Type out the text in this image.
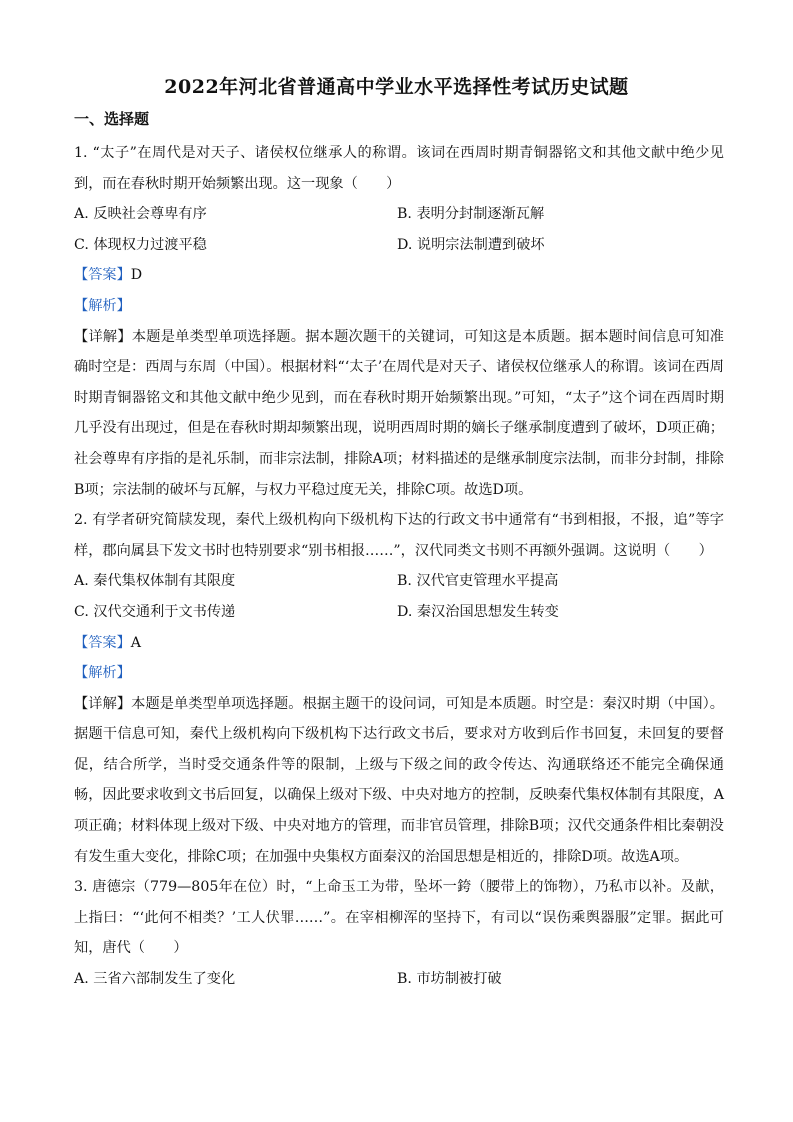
2022年河北省普通高中学业水平选择性考试历史试题
一、选择题

1. “太子”在周代是对天子、诸侯权位继承人的称谓。该词在西周时期青铜器铭文和其他文献中绝少见到，而在春秋时期开始频繁出现。这一现象（　　）

A. 反映社会尊卑有序	B. 表明分封制逐渐瓦解
C. 体现权力过渡平稳	D. 说明宗法制遭到破坏
【答案】D
【解析】

【详解】本题是单类型单项选择题。据本题次题干的关键词，可知这是本质题。据本题时间信息可知准确时空是：西周与东周（中国）。根据材料“‘太子’在周代是对天子、诸侯权位继承人的称谓。该词在西周时期青铜器铭文和其他文献中绝少见到，而在春秋时期开始频繁出现。”可知，“太子”这个词在西周时期几乎没有出现过，但是在春秋时期却频繁出现，说明西周时期的嫡长子继承制度遭到了破坏，D项正确；社会尊卑有序指的是礼乐制，而非宗法制，排除A项；材料描述的是继承制度宗法制，而非分封制，排除B项；宗法制的破坏与瓦解，与权力平稳过度无关，排除C项。故选D项。

2. 有学者研究简牍发现，秦代上级机构向下级机构下达的行政文书中通常有“书到相报，不报，追”等字样，郡向属县下发文书时也特别要求“别书相报……”，汉代同类文书则不再额外强调。这说明（　　）

A. 秦代集权体制有其限度	B. 汉代官吏管理水平提高
C. 汉代交通利于文书传递	D. 秦汉治国思想发生转变
【答案】A
【解析】

【详解】本题是单类型单项选择题。根据主题干的设问词，可知是本质题。时空是：秦汉时期（中国）。据题干信息可知，秦代上级机构向下级机构下达行政文书后，要求对方收到后作书回复，未回复的要督促，结合所学，当时受交通条件等的限制，上级与下级之间的政令传达、沟通联络还不能完全确保通畅，因此要求收到文书后回复，以确保上级对下级、中央对地方的控制，反映秦代集权体制有其限度，A项正确；材料体现上级对下级、中央对地方的管理，而非官员管理，排除B项；汉代交通条件相比秦朝没有发生重大变化，排除C项；在加强中央集权方面秦汉的治国思想是相近的，排除D项。故选A项。

3. 唐德宗（779—805年在位）时，“上命玉工为带，坠坏一銙（腰带上的饰物），乃私市以补。及献，上指曰：“‘此何不相类？’工人伏罪……”。在宰相柳浑的坚持下，有司以“误伤乘舆器服”定罪。据此可知，唐代（　　）

A. 三省六部制发生了变化	B. 市坊制被打破
